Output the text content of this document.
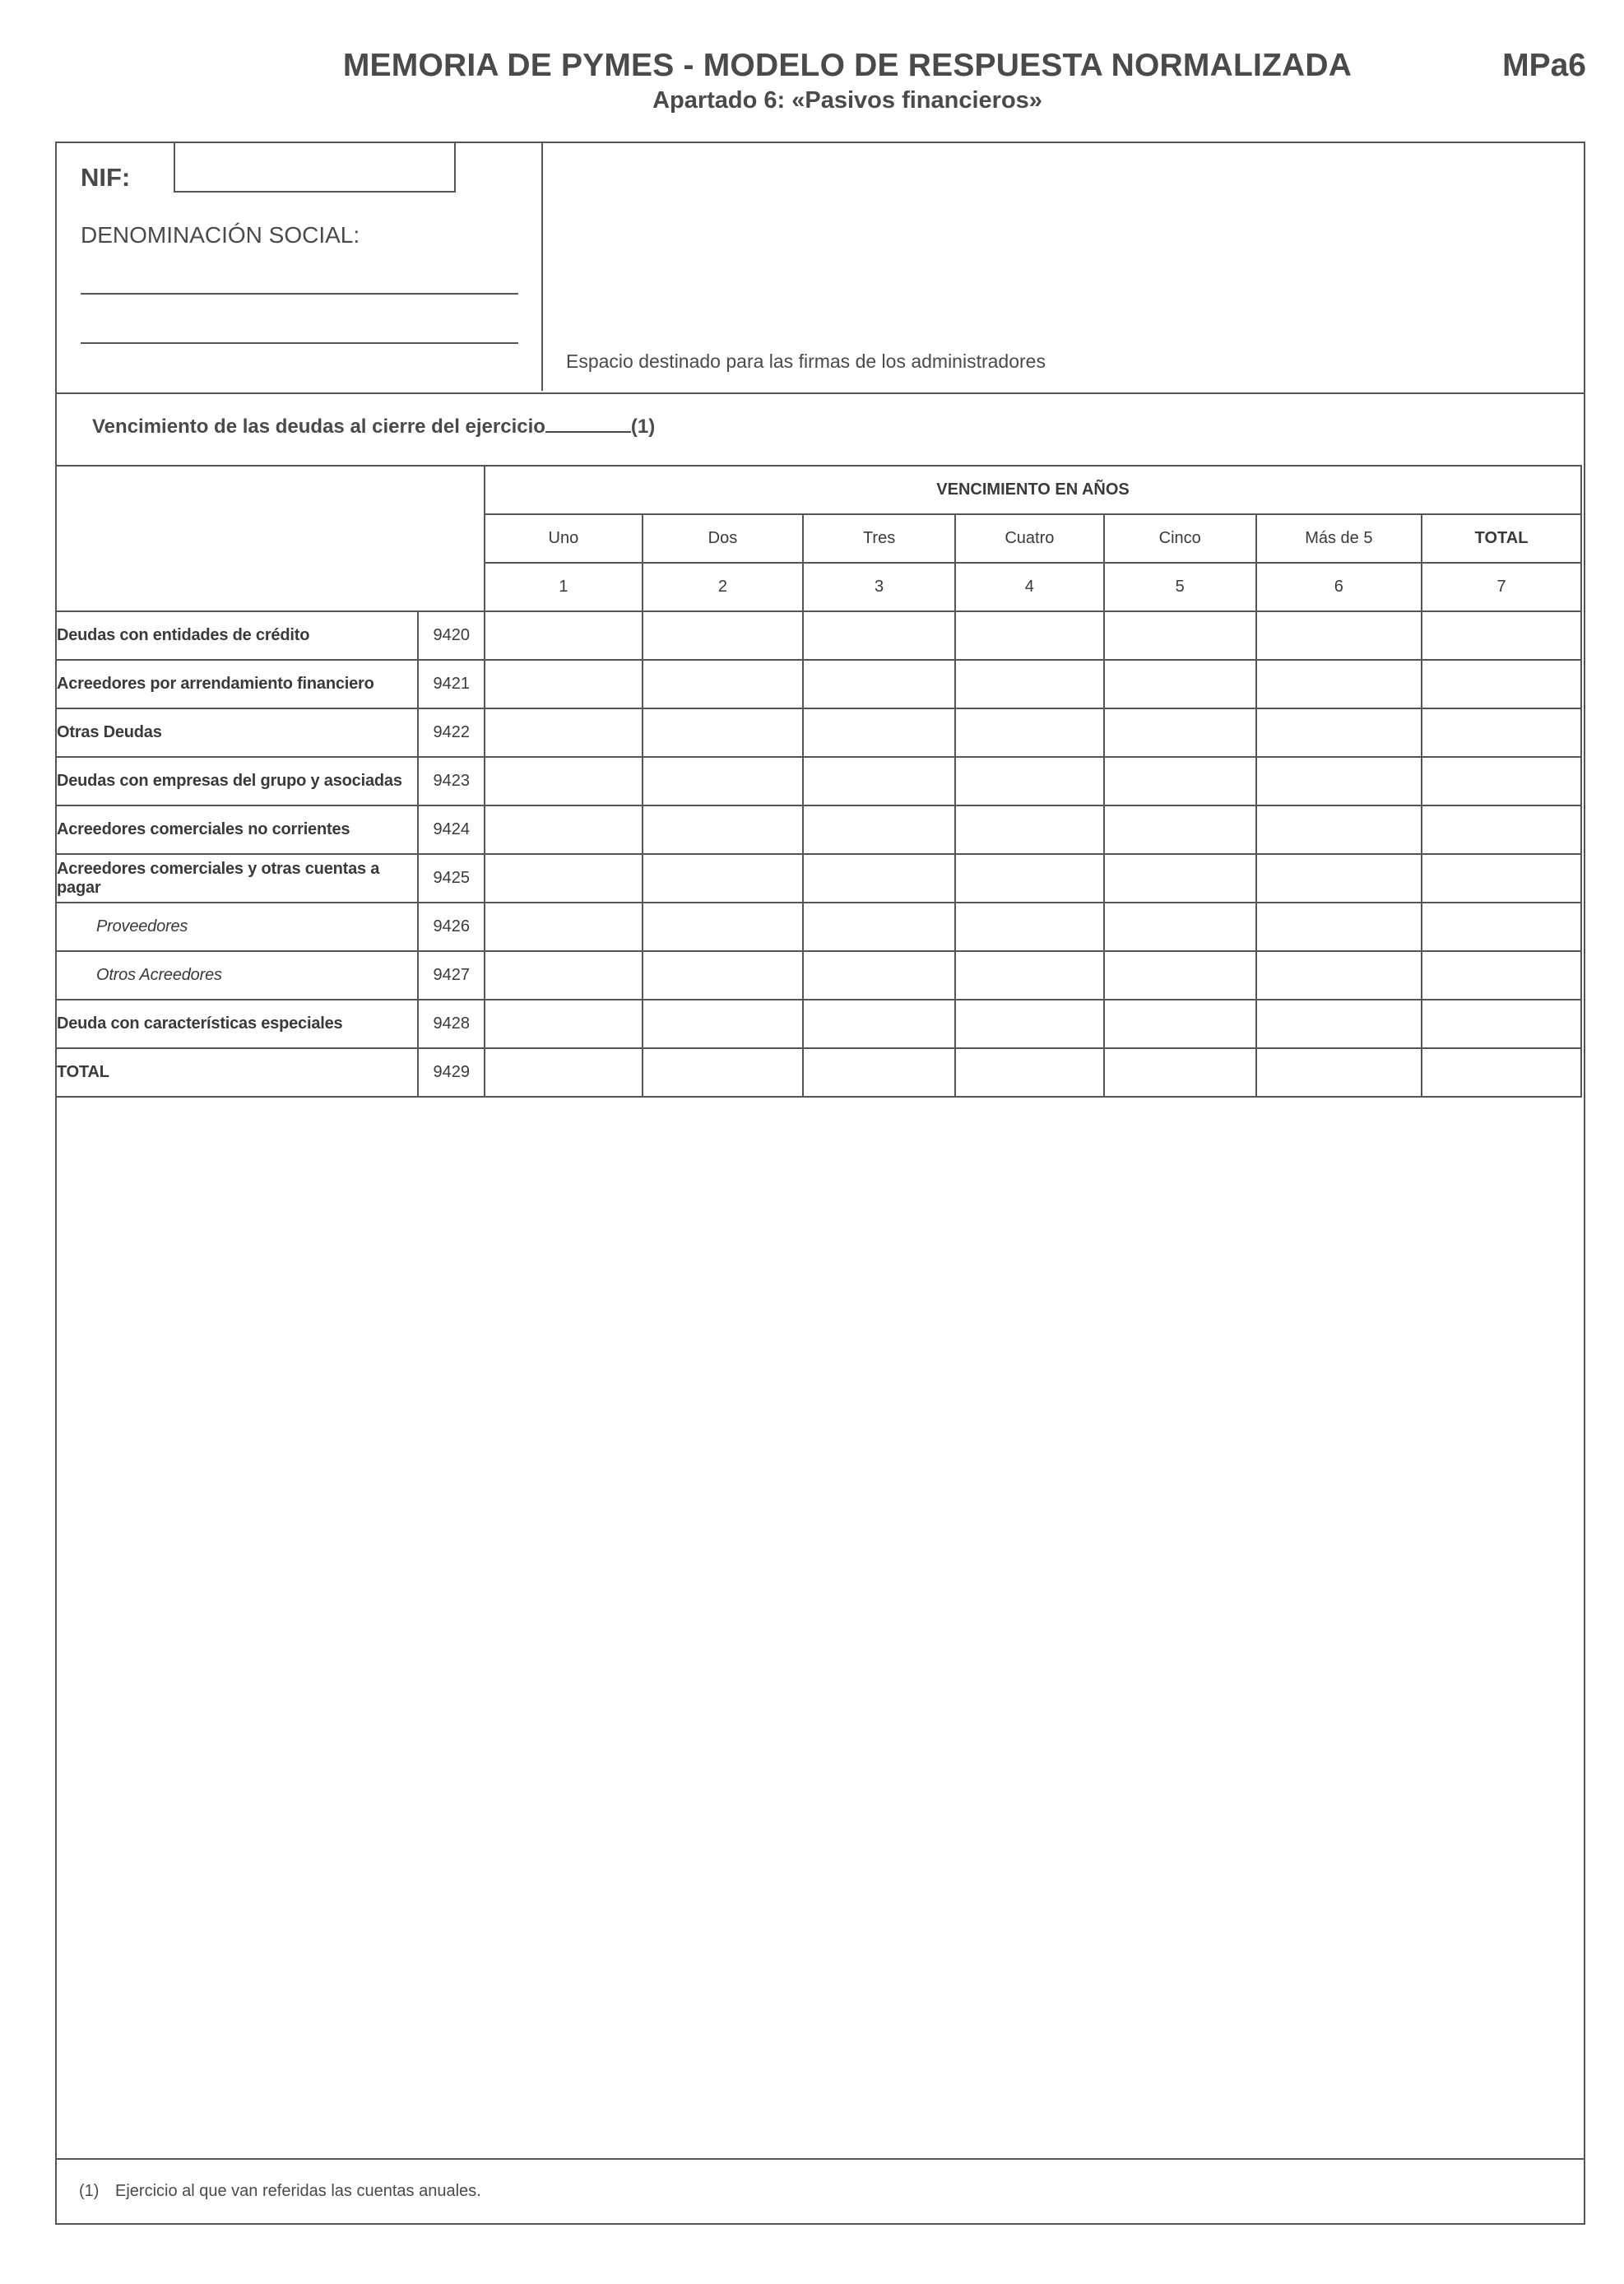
MEMORIA DE PYMES - MODELO DE RESPUESTA NORMALIZADA
Apartado 6: «Pasivos financieros»
MPa6
NIF:
DENOMINACIÓN SOCIAL:
Espacio destinado para las firmas de los administradores
Vencimiento de las deudas al cierre del ejercicio	(1)
		VENCIMIENTO EN AÑOS						
		Uno	Dos	Tres	Cuatro	Cinco	Más de 5	TOTAL
		1	2	3	4	5	6	7
Deudas con entidades de crédito	9420							
Acreedores por arrendamiento financiero	9421							
Otras Deudas	9422							
Deudas con empresas del grupo y asociadas	9423							
Acreedores comerciales no corrientes	9424							
Acreedores comerciales y otras cuentas a pagar	9425							
Proveedores	9426							
Otros Acreedores	9427							
Deuda con características especiales	9428							
TOTAL	9429							
(1) Ejercicio al que van referidas las cuentas anuales.
